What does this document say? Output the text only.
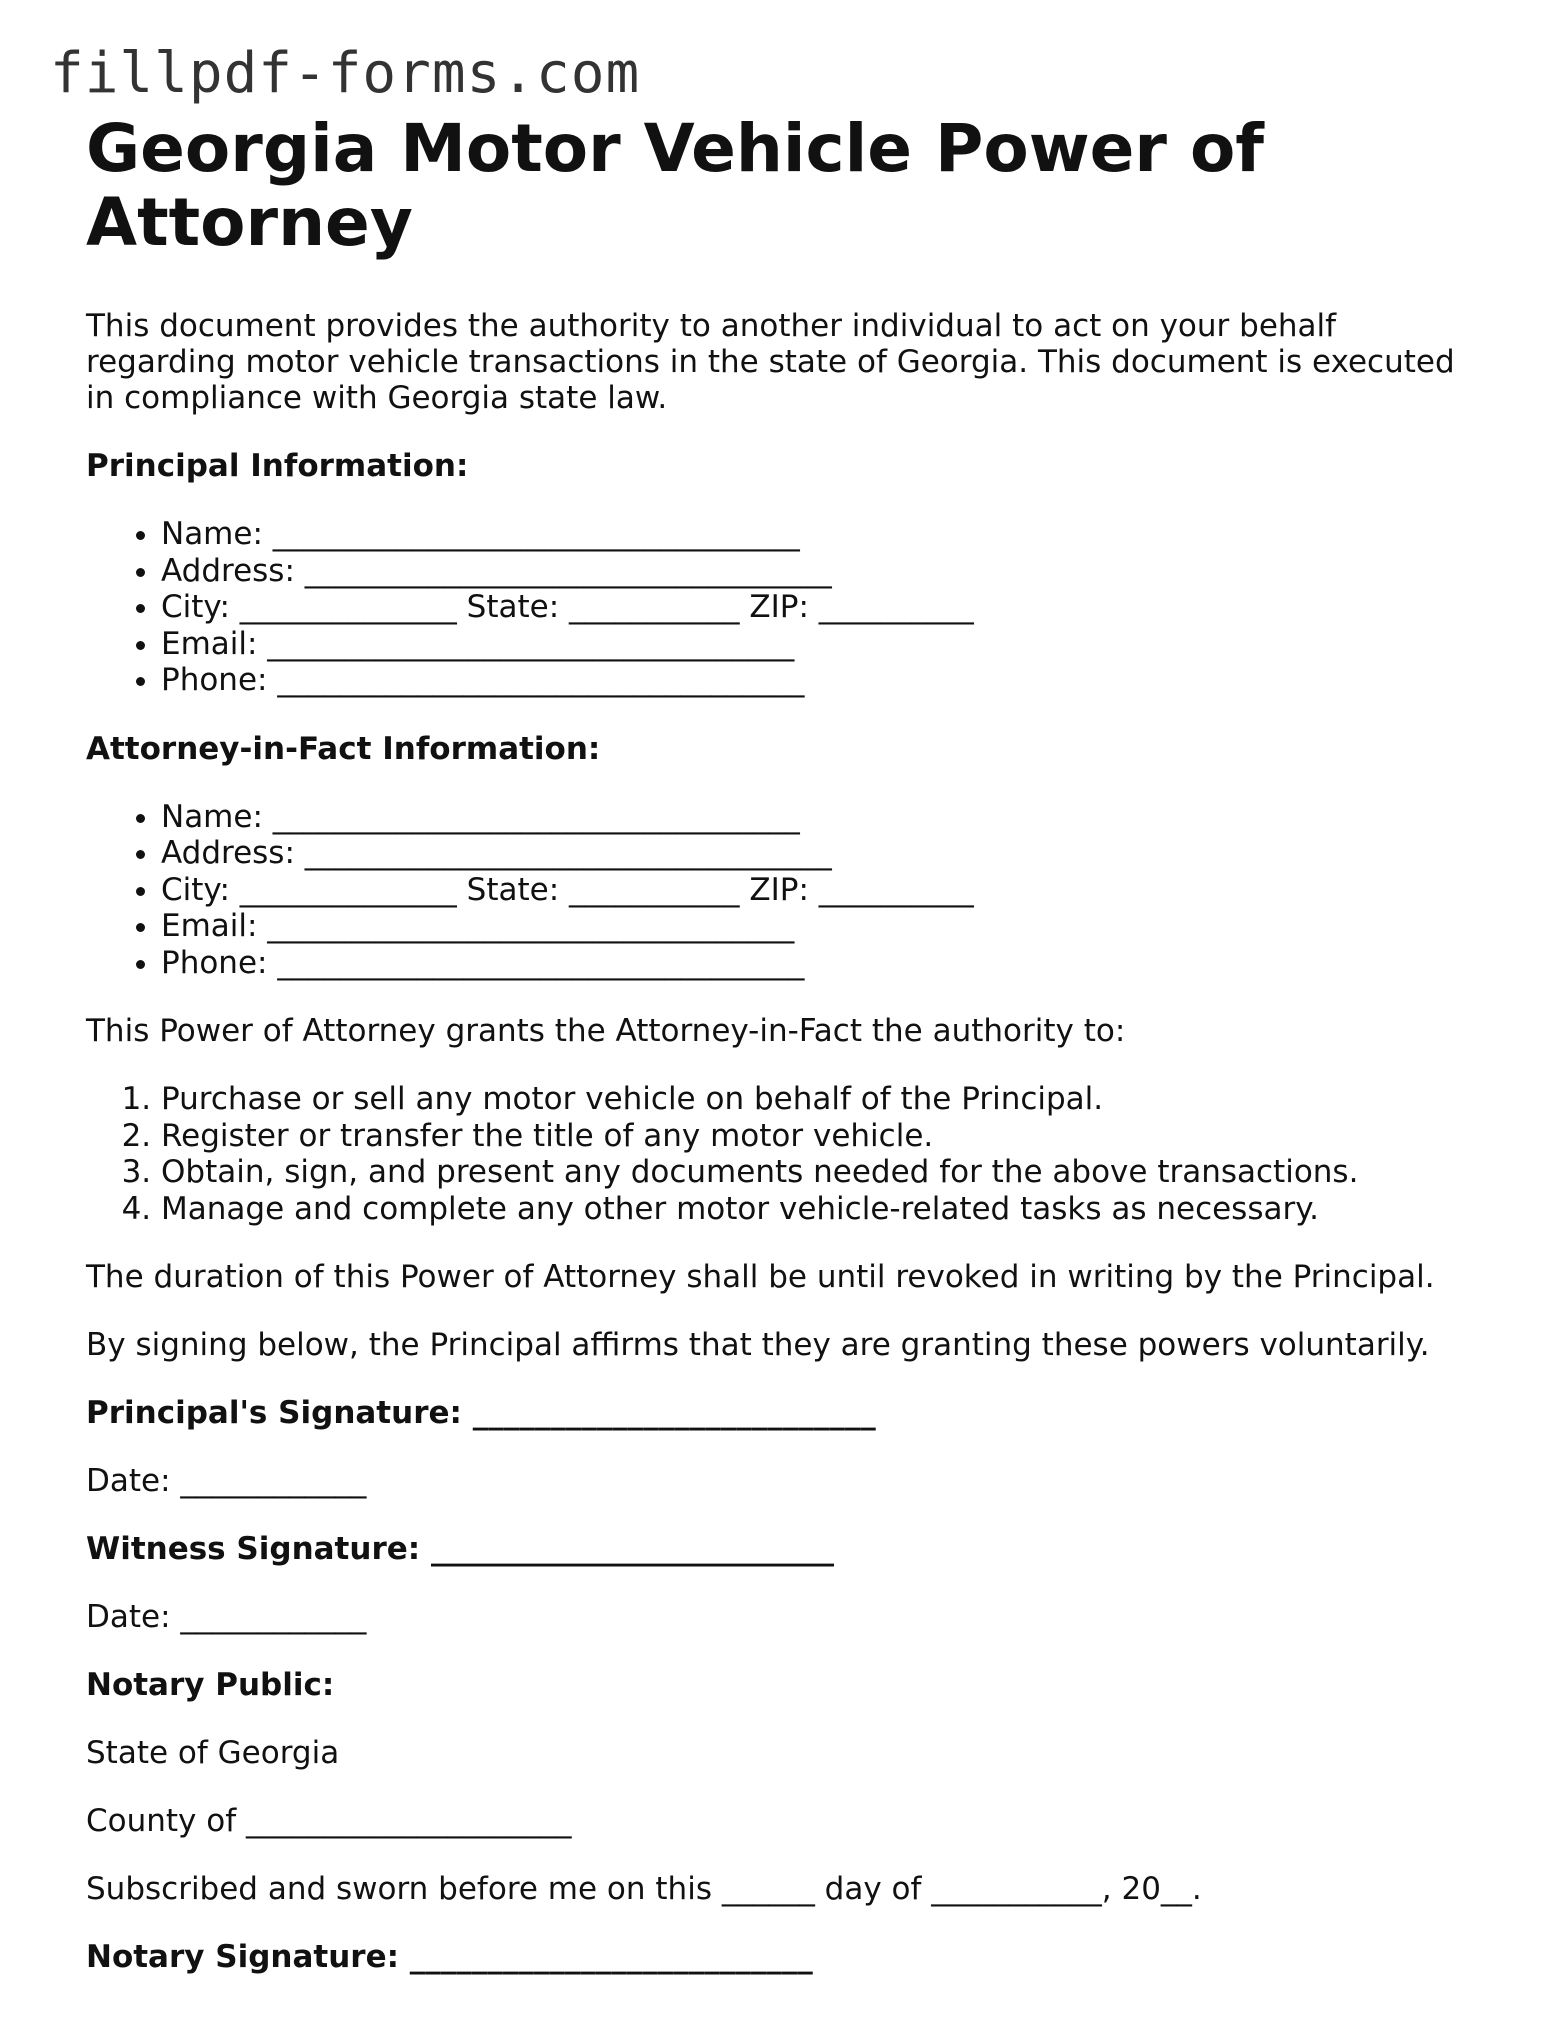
fillpdf-forms.com
Georgia Motor Vehicle Power of Attorney

This document provides the authority to another individual to act on your behalf regarding motor vehicle transactions in the state of Georgia. This document is executed in compliance with Georgia state law.

Principal Information:

• Name: __________________________________
• Address: __________________________________
• City: ______________ State: ___________ ZIP: __________
• Email: __________________________________
• Phone: __________________________________

Attorney-in-Fact Information:

• Name: __________________________________
• Address: __________________________________
• City: ______________ State: ___________ ZIP: __________
• Email: __________________________________
• Phone: __________________________________

This Power of Attorney grants the Attorney-in-Fact the authority to:

1. Purchase or sell any motor vehicle on behalf of the Principal.
2. Register or transfer the title of any motor vehicle.
3. Obtain, sign, and present any documents needed for the above transactions.
4. Manage and complete any other motor vehicle-related tasks as necessary.

The duration of this Power of Attorney shall be until revoked in writing by the Principal.

By signing below, the Principal affirms that they are granting these powers voluntarily.

Principal's Signature: __________________________

Date: ____________

Witness Signature: __________________________

Date: ____________

Notary Public:

State of Georgia

County of _____________________

Subscribed and sworn before me on this ______ day of ___________, 20__.

Notary Signature: __________________________
